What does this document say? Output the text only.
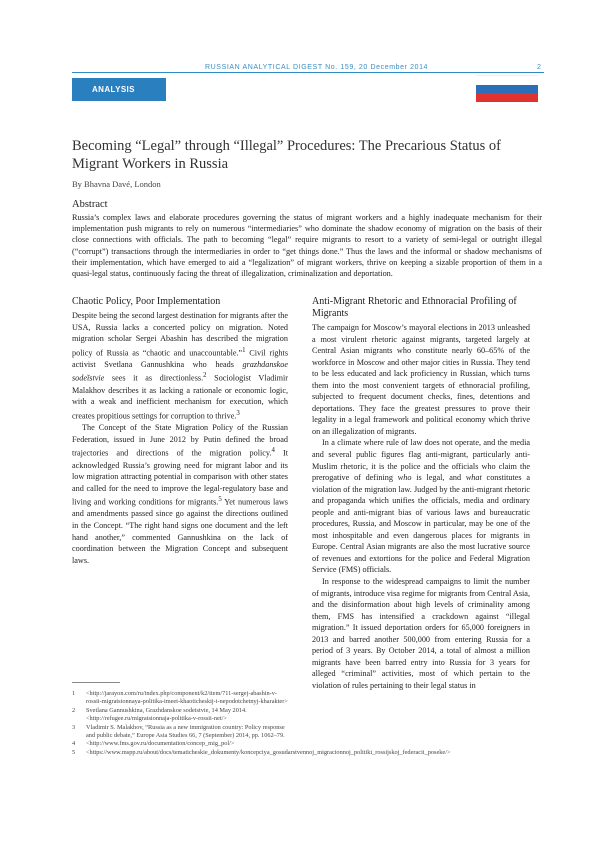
RUSSIAN ANALYTICAL DIGEST No. 159, 20 December 2014	2
ANALYSIS
Becoming “Legal” through “Illegal” Procedures: The Precarious Status of Migrant Workers in Russia
By Bhavna Davé, London
Abstract
Russia’s complex laws and elaborate procedures governing the status of migrant workers and a highly inadequate mechanism for their implementation push migrants to rely on numerous “intermediaries” who dominate the shadow economy of migration on the basis of their close connections with officials. The path to becoming “legal” require migrants to resort to a variety of semi-legal or outright illegal (“corrupt”) transactions through the intermediaries in order to “get things done.” Thus the laws and the informal or shadow mechanisms of their implementation, which have emerged to aid a “legalization” of migrant workers, thrive on keeping a sizable proportion of them in a quasi-legal status, continuously facing the threat of illegalization, criminalization and deportation.
Chaotic Policy, Poor Implementation

Despite being the second largest destination for migrants after the USA, Russia lacks a concerted policy on migration. Noted migration scholar Sergei Abashin has described the migration policy of Russia as “chaotic and unaccountable.”$^1$ Civil rights activist Svetlana Gannushkina who heads grazhdanskoe sodeĭstvie sees it as directionless.$^2$ Sociologist Vladimir Malakhov describes it as lacking a rationale or economic logic, with a weak and inefficient mechanism for execution, which creates propitious settings for corruption to thrive.$^3$

The Concept of the State Migration Policy of the Russian Federation, issued in June 2012 by Putin defined the broad trajectories and directions of the migration policy.$^4$ It acknowledged Russia’s growing need for migrant labor and its low migration attracting potential in comparison with other states and called for the need to improve the legal-regulatory base and living and working conditions for migrants.$^5$ Yet numerous laws and amendments passed since go against the directions outlined in the Concept. “The right hand signs one document and the left hand another,” commented Gannushkina on the lack of coordination between the Migration Concept and subsequent laws.

1	<http://jarayon.com/ru/index.php/component/k2/item/711-sergej-abashin-v-rossii-migratsionnaya-politika-imeet-khaoticheskij-i-nepodotchetnyj-kharakter>
2	Svetlana Gannushkina, Grazhdanskoe sodeistvie, 14 May 2014. <http://refugee.ru/migratsionnaja-politika-v-rossii-net/>
3	Vladimir S. Malakhov, “Russia as a new immigration country: Policy response and public debate,” Europe Asia Studies 66, 7 (September) 2014, pp. 1062–79.
4	<http://www.fms.gov.ru/documentation/concep_mig_pol/>
5	<https://www.mspp.ru/about/docs/tematicheskie_dokumenty/koncepciya_gosudarstvennoj_migracionnoj_politiki_rossijskoj_federacii_poseke/>
Anti-Migrant Rhetoric and Ethnoracial Profiling of Migrants

The campaign for Moscow’s mayoral elections in 2013 unleashed a most virulent rhetoric against migrants, targeted largely at Central Asian migrants who constitute nearly 60–65% of the workforce in Moscow and other major cities in Russia. They tend to be less educated and lack proficiency in Russian, which turns them into the most convenient targets of ethnoracial profiling, subjected to frequent document checks, fines, detentions and deportations. They face the greatest pressures to prove their legality in a legal framework and political economy which thrive on an illegalization of migrants.

In a climate where rule of law does not operate, and the media and several public figures flag anti-migrant, particularly anti-Muslim rhetoric, it is the police and the officials who claim the prerogative of defining who is legal, and what constitutes a violation of the migration law. Judged by the anti-migrant rhetoric and propaganda which unifies the officials, media and ordinary people and anti-migrant bias of various laws and bureaucratic procedures, Russia, and Moscow in particular, may be one of the most inhospitable and even dangerous places for migrants in Europe. Central Asian migrants are also the most lucrative source of revenues and extortions for the police and Federal Migration Service (FMS) officials.

In response to the widespread campaigns to limit the number of migrants, introduce visa regime for migrants from Central Asia, and the disinformation about high levels of criminality among them, FMS has intensified a crackdown against “illegal migration.” It issued deportation orders for 65,000 foreigners in 2013 and barred another 500,000 from entering Russia for a period of 3 years. By October 2014, a total of almost a million migrants have been barred entry into Russia for 3 years for alleged “criminal” activities, most of which pertain to the violation of rules pertaining to their legal status in
